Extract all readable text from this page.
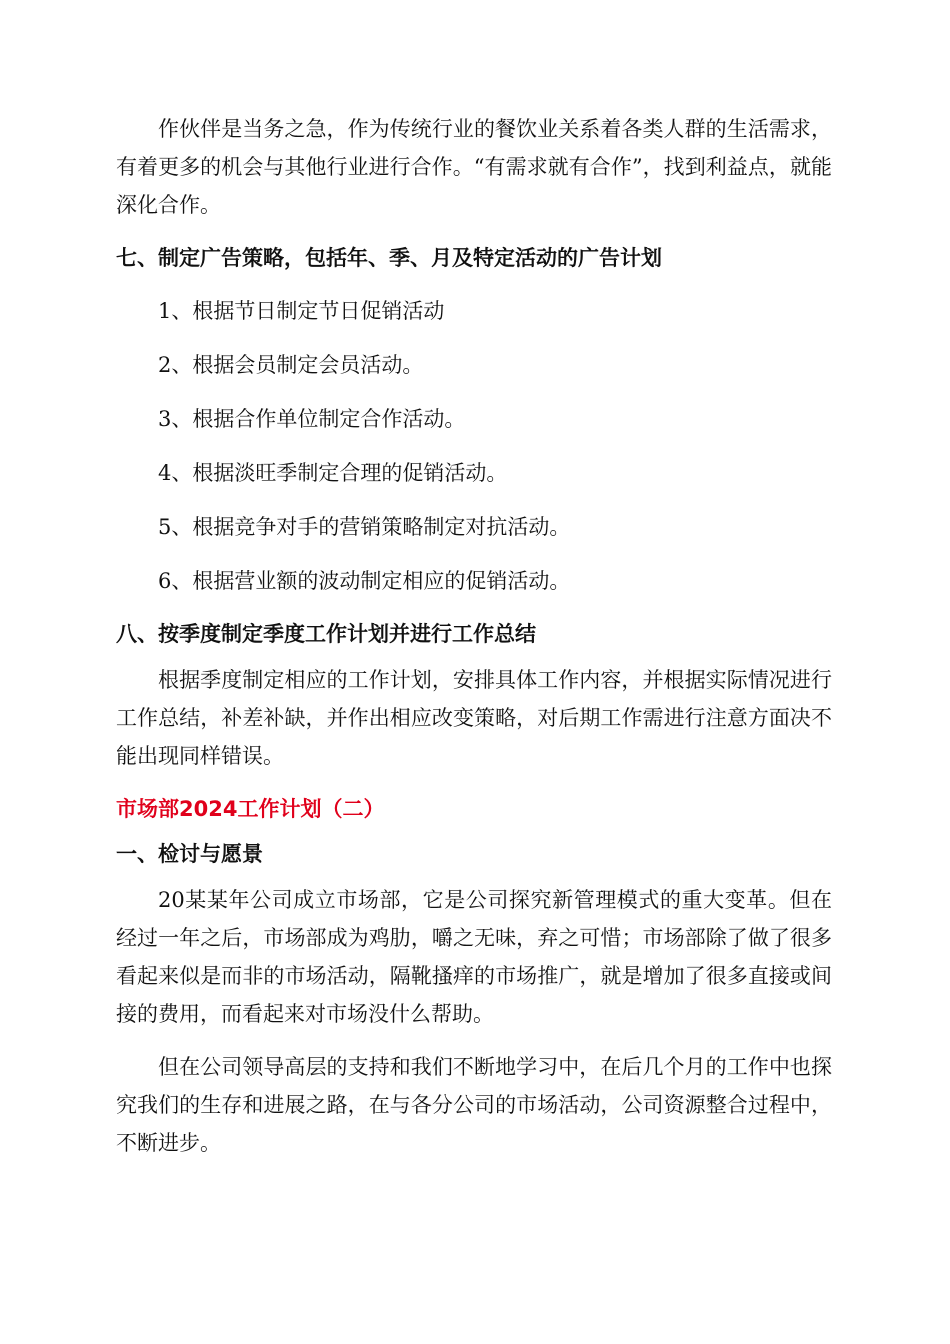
作伙伴是当务之急，作为传统行业的餐饮业关系着各类人群的生活需求，有着更多的机会与其他行业进行合作。“有需求就有合作”，找到利益点，就能深化合作。

七、制定广告策略，包括年、季、月及特定活动的广告计划

1、根据节日制定节日促销活动

2、根据会员制定会员活动。

3、根据合作单位制定合作活动。

4、根据淡旺季制定合理的促销活动。

5、根据竞争对手的营销策略制定对抗活动。

6、根据营业额的波动制定相应的促销活动。

八、按季度制定季度工作计划并进行工作总结

根据季度制定相应的工作计划，安排具体工作内容，并根据实际情况进行工作总结，补差补缺，并作出相应改变策略，对后期工作需进行注意方面决不能出现同样错误。

市场部2024工作计划（二）

一、检讨与愿景

20某某年公司成立市场部，它是公司探究新管理模式的重大变革。但在经过一年之后，市场部成为鸡肋，嚼之无味，弃之可惜；市场部除了做了很多看起来似是而非的市场活动，隔靴搔痒的市场推广，就是增加了很多直接或间接的费用，而看起来对市场没什么帮助。

但在公司领导高层的支持和我们不断地学习中，在后几个月的工作中也探究我们的生存和进展之路，在与各分公司的市场活动，公司资源整合过程中，不断进步。
